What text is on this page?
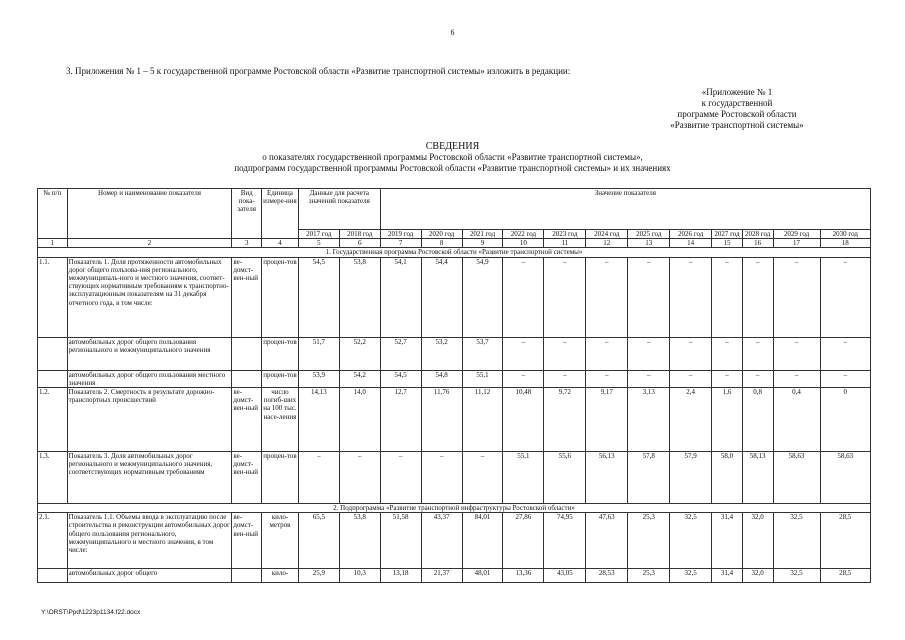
6
3. Приложения № 1 – 5 к государственной программе Ростовской области «Развитие транспортной системы» изложить в редакции:
«Приложение № 1
к государственной
программе Ростовской области
«Развитие транспортной системы»
СВЕДЕНИЯ
о показателях государственной программы Ростовской области «Развитие транспортной системы»,
подпрограмм государственной программы Ростовской области «Развитие транспортной системы» и их значениях
№ п/п	Номер и наименование показателя	Вид пока-зателя	Единица измере-ния	Данные для расчета значений показателя		Значение показателя											
				2017 год	2018 год	2019 год	2020 год	2021 год	2022 год	2023 год	2024 год	2025 год	2026 год	2027 год	2028 год	2029 год	2030 год
1	2	3	4	5	6	7	8	9	10	11	12	13	14	15	16	17	18
1. Государственная программа Ростовской области «Развитие транспортной системы»																	
1.1.	Показатель 1. Доля протяженности автомобильных дорог общего пользова-ния регионального, межмуниципаль-ного и местного значения, соответ-ствующих нормативным требованиям к транспортно-эксплуатационным показателям на 31 декабря отчетного года, в том числе:	ве-домст-вен-ный	процен-тов	54,5	53,8	54,1	54,4	54,9	–	–	–	–	–	–	–	–	–
	автомобильных дорог общего пользования регионального и межмуниципального значения		процен-тов	51,7	52,2	52,7	53,2	53,7	–	–	–	–	–	–	–	–	–
	автомобильных дорог общего пользования местного значения		процен-тов	53,9	54,2	54,5	54,8	55,1	–	–	–	–	–	–	–	–	–
1.2.	Показатель 2. Смертность в результате дорожно-транспортных происшествий	ве-домст-вен-ный	число погиб-ших на 100 тыс. насе-ления	14,13	14,0	12,7	11,76	11,12	10,48	9,72	9,17	3,13	2,4	1,6	0,8	0,4	0
1.3.	Показатель 3. Доля автомобильных дорог регионального и межмуниципального значения, соответствующих нормативным требованиям	ве-домст-вен-ный	процен-тов	–	–	–	–	–	55,1	55,6	56,13	57,8	57,9	58,0	58,13	58,63	58,63
2. Подпрограмма «Развитие транспортной инфраструктуры Ростовской области»																	
2.1.	Показатель 1.1. Объемы ввода в эксплуатацию после строительства и реконструкции автомобильных дорог общего пользования регионального, межмуниципального и местного значения, в том числе:	ве-домст-вен-ный	кило-метров	65,5	53,8	51,58	43,37	84,01	27,86	74,95	47,63	25,3	32,5	31,4	32,0	32,5	28,5
	автомобильных дорог общего		кило-	25,9	10,3	13,18	21,37	48,01	13,36	43,05	28,53	25,3	32,5	31,4	32,0	32,5	28,5
Y:\ORST\Ppd\1223p1134.f22.docx
